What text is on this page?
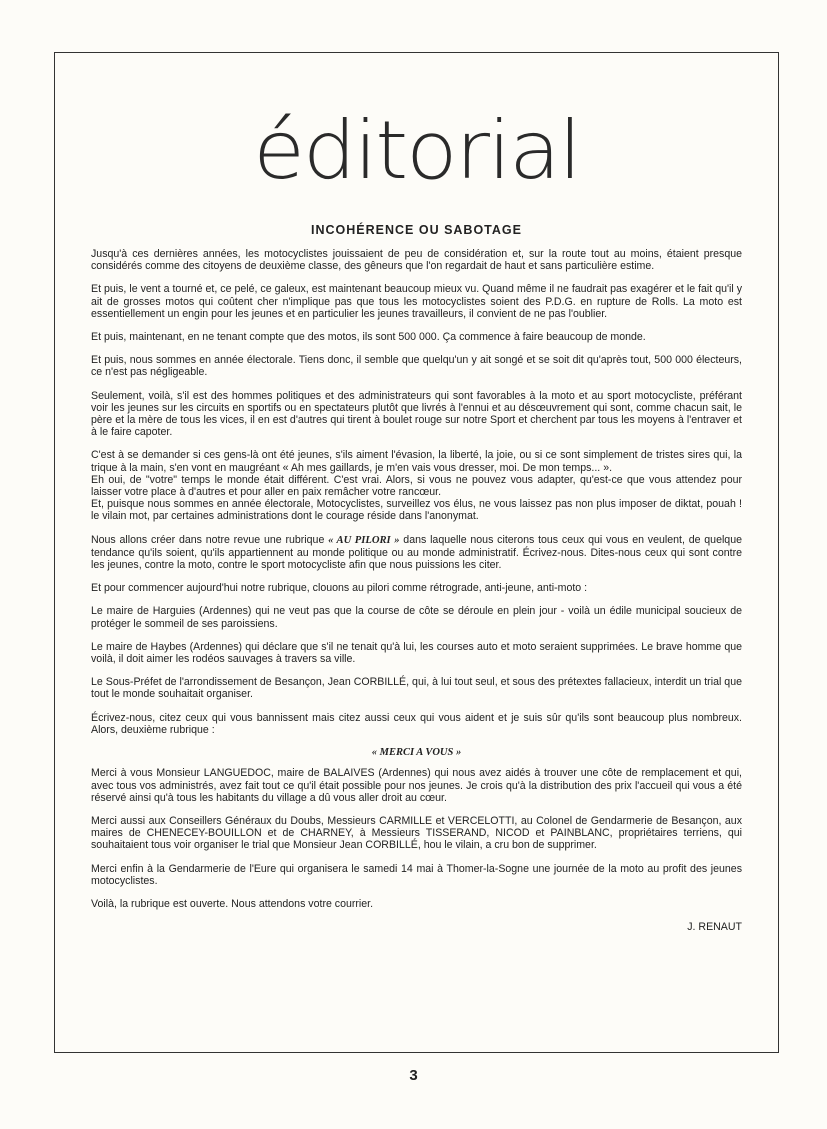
éditorial
INCOHÉRENCE OU SABOTAGE

Jusqu'à ces dernières années, les motocyclistes jouissaient de peu de considération et, sur la route tout au moins, étaient presque considérés comme des citoyens de deuxième classe, des gêneurs que l'on regardait de haut et sans particulière estime.

Et puis, le vent a tourné et, ce pelé, ce galeux, est maintenant beaucoup mieux vu. Quand même il ne faudrait pas exagérer et le fait qu'il y ait de grosses motos qui coûtent cher n'implique pas que tous les motocyclistes soient des P.D.G. en rupture de Rolls. La moto est essentiellement un engin pour les jeunes et en particulier les jeunes travailleurs, il convient de ne pas l'oublier.

Et puis, maintenant, en ne tenant compte que des motos, ils sont 500 000. Ça commence à faire beaucoup de monde.

Et puis, nous sommes en année électorale. Tiens donc, il semble que quelqu'un y ait songé et se soit dit qu'après tout, 500 000 électeurs, ce n'est pas négligeable.

Seulement, voilà, s'il est des hommes politiques et des administrateurs qui sont favorables à la moto et au sport motocycliste, préférant voir les jeunes sur les circuits en sportifs ou en spectateurs plutôt que livrés à l'ennui et au désœuvrement qui sont, comme chacun sait, le père et la mère de tous les vices, il en est d'autres qui tirent à boulet rouge sur notre Sport et cherchent par tous les moyens à l'entraver et à le faire capoter.

C'est à se demander si ces gens-là ont été jeunes, s'ils aiment l'évasion, la liberté, la joie, ou si ce sont simplement de tristes sires qui, la trique à la main, s'en vont en maugréant « Ah mes gaillards, je m'en vais vous dresser, moi. De mon temps... ».

Eh oui, de "votre" temps le monde était différent. C'est vrai. Alors, si vous ne pouvez vous adapter, qu'est-ce que vous attendez pour laisser votre place à d'autres et pour aller en paix remâcher votre rancœur.

Et, puisque nous sommes en année électorale, Motocyclistes, surveillez vos élus, ne vous laissez pas non plus imposer de diktat, pouah ! le vilain mot, par certaines administrations dont le courage réside dans l'anonymat.

Nous allons créer dans notre revue une rubrique « AU PILORI » dans laquelle nous citerons tous ceux qui vous en veulent, de quelque tendance qu'ils soient, qu'ils appartiennent au monde politique ou au monde administratif. Écrivez-nous. Dites-nous ceux qui sont contre les jeunes, contre la moto, contre le sport motocycliste afin que nous puissions les citer.

Et pour commencer aujourd'hui notre rubrique, clouons au pilori comme rétrograde, anti-jeune, anti-moto :

Le maire de Harguies (Ardennes) qui ne veut pas que la course de côte se déroule en plein jour - voilà un édile municipal soucieux de protéger le sommeil de ses paroissiens.

Le maire de Haybes (Ardennes) qui déclare que s'il ne tenait qu'à lui, les courses auto et moto seraient supprimées. Le brave homme que voilà, il doit aimer les rodéos sauvages à travers sa ville.

Le Sous-Préfet de l'arrondissement de Besançon, Jean CORBILLÉ, qui, à lui tout seul, et sous des prétextes fallacieux, interdit un trial que tout le monde souhaitait organiser.

Écrivez-nous, citez ceux qui vous bannissent mais citez aussi ceux qui vous aident et je suis sûr qu'ils sont beaucoup plus nombreux. Alors, deuxième rubrique :

« MERCI A VOUS »

Merci à vous Monsieur LANGUEDOC, maire de BALAIVES (Ardennes) qui nous avez aidés à trouver une côte de remplacement et qui, avec tous vos administrés, avez fait tout ce qu'il était possible pour nos jeunes. Je crois qu'à la distribution des prix l'accueil qui vous a été réservé ainsi qu'à tous les habitants du village a dû vous aller droit au cœur.

Merci aussi aux Conseillers Généraux du Doubs, Messieurs CARMILLE et VERCELOTTI, au Colonel de Gendarmerie de Besançon, aux maires de CHENECEY-BOUILLON et de CHARNEY, à Messieurs TISSERAND, NICOD et PAINBLANC, propriétaires terriens, qui souhaitaient tous voir organiser le trial que Monsieur Jean CORBILLÉ, hou le vilain, a cru bon de supprimer.

Merci enfin à la Gendarmerie de l'Eure qui organisera le samedi 14 mai à Thomer-la-Sogne une journée de la moto au profit des jeunes motocyclistes.

Voilà, la rubrique est ouverte. Nous attendons votre courrier.

J. RENAUT
3
